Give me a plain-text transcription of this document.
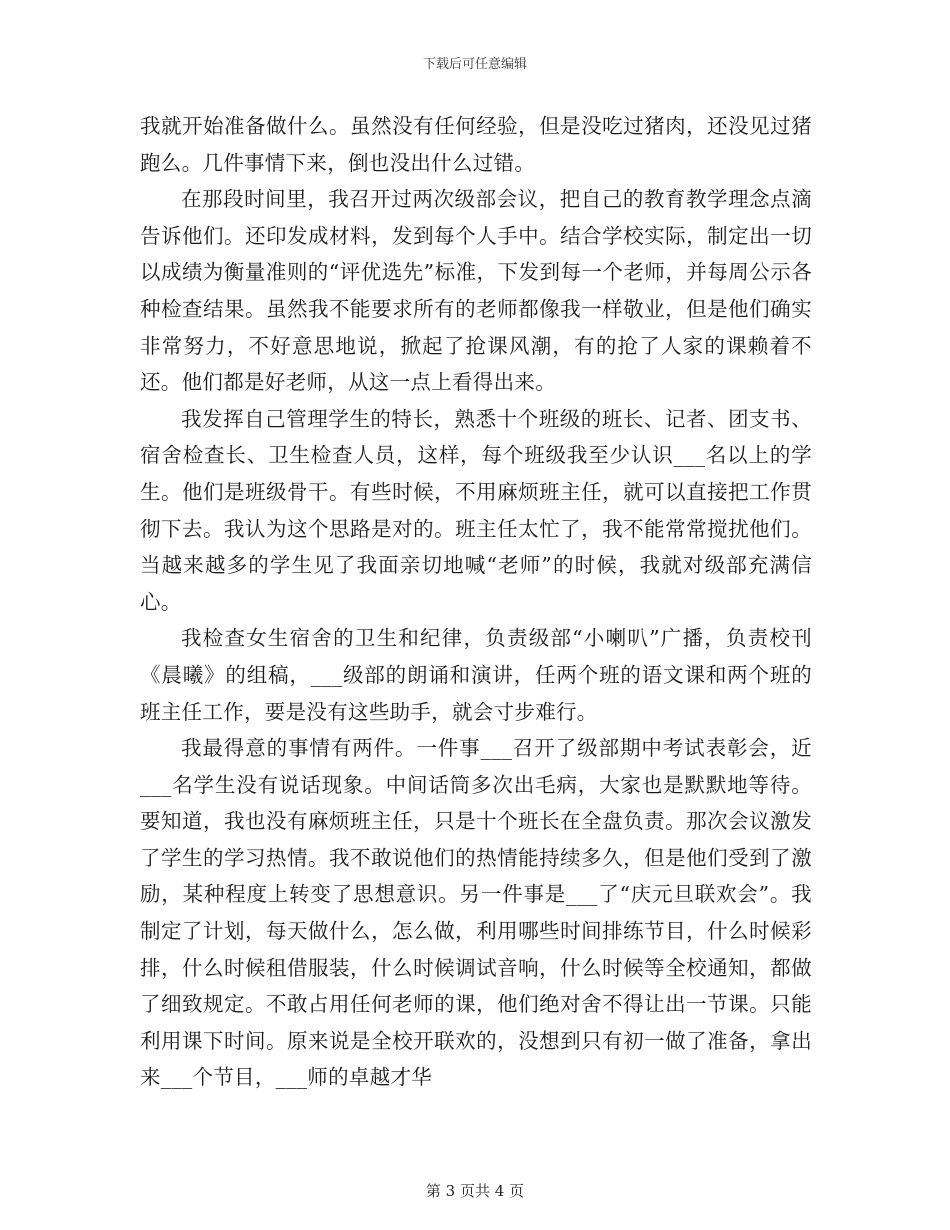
下载后可任意编辑

我就开始准备做什么。虽然没有任何经验，但是没吃过猪肉，还没见过猪跑么。几件事情下来，倒也没出什么过错。

在那段时间里，我召开过两次级部会议，把自己的教育教学理念点滴告诉他们。还印发成材料，发到每个人手中。结合学校实际，制定出一切以成绩为衡量准则的“评优选先”标准，下发到每一个老师，并每周公示各种检查结果。虽然我不能要求所有的老师都像我一样敬业，但是他们确实非常努力，不好意思地说，掀起了抢课风潮，有的抢了人家的课赖着不还。他们都是好老师，从这一点上看得出来。

我发挥自己管理学生的特长，熟悉十个班级的班长、记者、团支书、宿舍检查长、卫生检查人员，这样，每个班级我至少认识___名以上的学生。他们是班级骨干。有些时候，不用麻烦班主任，就可以直接把工作贯彻下去。我认为这个思路是对的。班主任太忙了，我不能常常搅扰他们。当越来越多的学生见了我面亲切地喊“老师”的时候，我就对级部充满信心。

我检查女生宿舍的卫生和纪律，负责级部“小喇叭”广播，负责校刊《晨曦》的组稿，___级部的朗诵和演讲，任两个班的语文课和两个班的班主任工作，要是没有这些助手，就会寸步难行。

我最得意的事情有两件。一件事___召开了级部期中考试表彰会，近___名学生没有说话现象。中间话筒多次出毛病，大家也是默默地等待。要知道，我也没有麻烦班主任，只是十个班长在全盘负责。那次会议激发了学生的学习热情。我不敢说他们的热情能持续多久，但是他们受到了激励，某种程度上转变了思想意识。另一件事是___了“庆元旦联欢会”。我制定了计划，每天做什么，怎么做，利用哪些时间排练节目，什么时候彩排，什么时候租借服装，什么时候调试音响，什么时候等全校通知，都做了细致规定。不敢占用任何老师的课，他们绝对舍不得让出一节课。只能利用课下时间。原来说是全校开联欢的，没想到只有初一做了准备，拿出来___个节目，___师的卓越才华

第 3 页共 4 页
